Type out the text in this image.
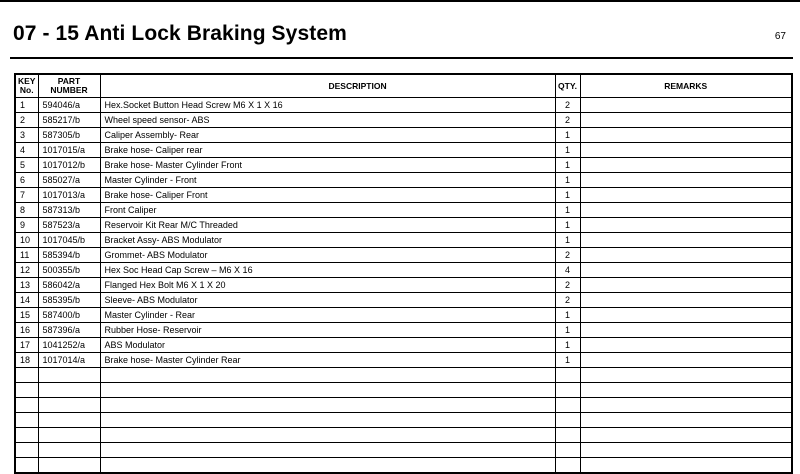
07 - 15 Anti Lock Braking System	67
KEY No.	PART NUMBER	DESCRIPTION	QTY.	REMARKS
1	594046/a	Hex.Socket Button Head Screw M6 X 1 X 16	2	
2	585217/b	Wheel speed sensor- ABS	2	
3	587305/b	Caliper Assembly- Rear	1	
4	1017015/a	Brake hose- Caliper rear	1	
5	1017012/b	Brake hose- Master Cylinder Front	1	
6	585027/a	Master Cylinder - Front	1	
7	1017013/a	Brake hose- Caliper Front	1	
8	587313/b	Front Caliper	1	
9	587523/a	Reservoir Kit Rear M/C Threaded	1	
10	1017045/b	Bracket Assy- ABS Modulator	1	
11	585394/b	Grommet- ABS Modulator	2	
12	500355/b	Hex Soc Head Cap Screw – M6 X 16	4	
13	586042/a	Flanged Hex Bolt M6 X 1 X 20	2	
14	585395/b	Sleeve- ABS Modulator	2	
15	587400/b	Master Cylinder - Rear	1	
16	587396/a	Rubber Hose- Reservoir	1	
17	1041252/a	ABS Modulator	1	
18	1017014/a	Brake hose- Master Cylinder Rear	1	
